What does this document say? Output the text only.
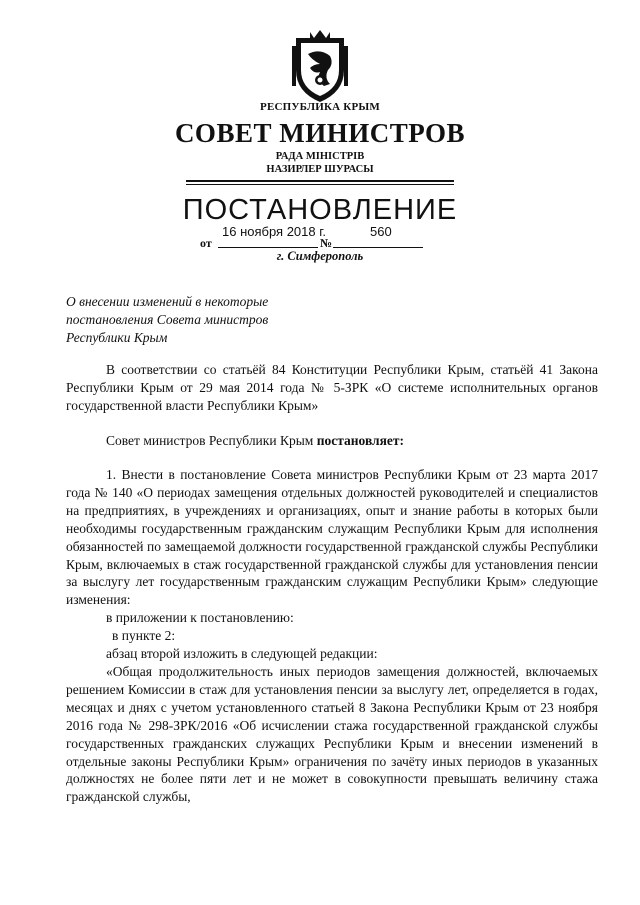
РЕСПУБЛИКА КРЫМ
СОВЕТ МИНИСТРОВ
РАДА МІНІСТРІВ
НАЗИРЛЕР ШУРАСЫ
ПОСТАНОВЛЕНИЕ
16 ноября 2018 г.	560
от	№
г. Симферополь
О внесении изменений в некоторые
постановления Совета министров
Республики Крым
В соответствии со статьёй 84 Конституции Республики Крым, статьёй 41 Закона Республики Крым от 29 мая 2014 года № 5-ЗРК «О системе исполнительных органов государственной власти Республики Крым»
Совет министров Республики Крым постановляет:
1. Внести в постановление Совета министров Республики Крым от 23 марта 2017 года № 140 «О периодах замещения отдельных должностей руководителей и специалистов на предприятиях, в учреждениях и организациях, опыт и знание работы в которых были необходимы государственным гражданским служащим Республики Крым для исполнения обязанностей по замещаемой должности государственной гражданской службы Республики Крым, включаемых в стаж государственной гражданской службы для установления пенсии за выслугу лет государственным гражданским служащим Республики Крым» следующие изменения:
в приложении к постановлению:
в пункте 2:
абзац второй изложить в следующей редакции:
«Общая продолжительность иных периодов замещения должностей, включаемых решением Комиссии в стаж для установления пенсии за выслугу лет, определяется в годах, месяцах и днях с учетом установленного статьей 8 Закона Республики Крым от 23 ноября 2016 года № 298-ЗРК/2016 «Об исчислении стажа государственной гражданской службы государственных гражданских служащих Республики Крым и внесении изменений в отдельные законы Республики Крым» ограничения по зачёту иных периодов в указанных должностях не более пяти лет и не может в совокупности превышать величину стажа гражданской службы,
